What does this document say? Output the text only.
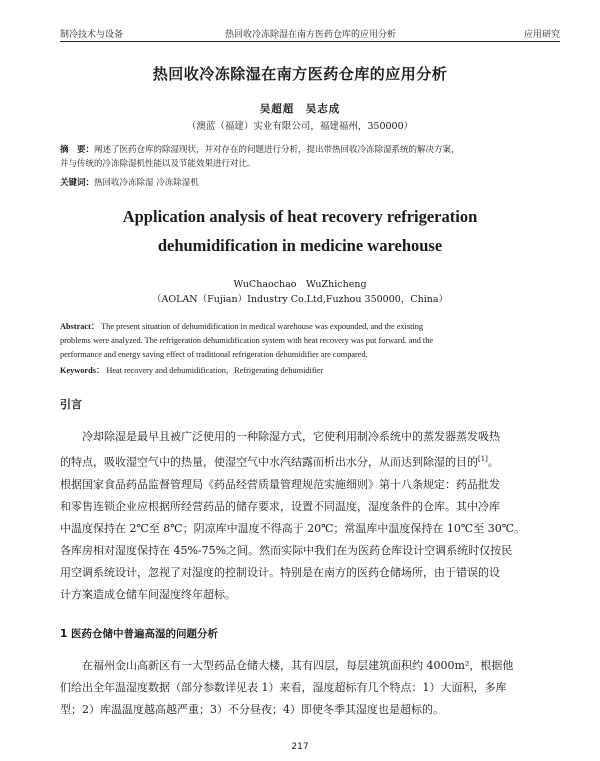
制冷技术与设备	热回收冷冻除湿在南方医药仓库的应用分析	应用研究
热回收冷冻除湿在南方医药仓库的应用分析
吴超超　吴志成
（澳蓝（福建）实业有限公司，福建福州，350000）
摘　要：阐述了医药仓库的除湿现状，并对存在的问题进行分析，提出带热回收冷冻除湿系统的解决方案，
并与传统的冷冻除湿机性能以及节能效果进行对比。
关键词：热回收冷冻除湿 冷冻除湿机
Application analysis of heat recovery refrigeration
dehumidification in medicine warehouse
WuChaochao　WuZhicheng
（AOLAN（Fujian）Industry Co.Ltd,Fuzhou 350000，China）
Abstract： The present situation of dehumidification in medical warehouse was expounded, and the existing
problems were analyzed. The refrigeration dehumidification system with heat recovery was put forward. and the
performance and energy saving effect of traditional refrigeration dehumidifier are compared.
Keywords： Heat recovery and dehumidification，Refrigerating dehumidifier
引言
冷却除湿是最早且被广泛使用的一种除湿方式，它使利用制冷系统中的蒸发器蒸发吸热
的特点，吸收湿空气中的热量，使湿空气中水汽结露而析出水分，从而达到除湿的目的[1]。
根据国家食品药品监督管理局《药品经营质量管理规范实施细则》第十八条规定：药品批发
和零售连锁企业应根据所经营药品的储存要求，设置不同温度，湿度条件的仓库。其中冷库
中温度保持在 2℃至 8℃；阴凉库中温度不得高于 20℃；常温库中温度保持在 10℃至 30℃。
各库房相对湿度保持在 45%-75%之间。然而实际中我们在为医药仓库设计空调系统时仅按民
用空调系统设计，忽视了对湿度的控制设计。特别是在南方的医药仓储场所，由于错误的设
计方案造成仓储车间湿度终年超标。
1 医药仓储中普遍高湿的问题分析
在福州金山高新区有一大型药品仓储大楼，其有四层，每层建筑面积约 4000m²，根据他
们给出全年温湿度数据（部分参数详见表 1）来看，湿度超标有几个特点：1）大面积，多库
型；2）库温温度越高越严重；3）不分昼夜；4）即使冬季其湿度也是超标的。
217
